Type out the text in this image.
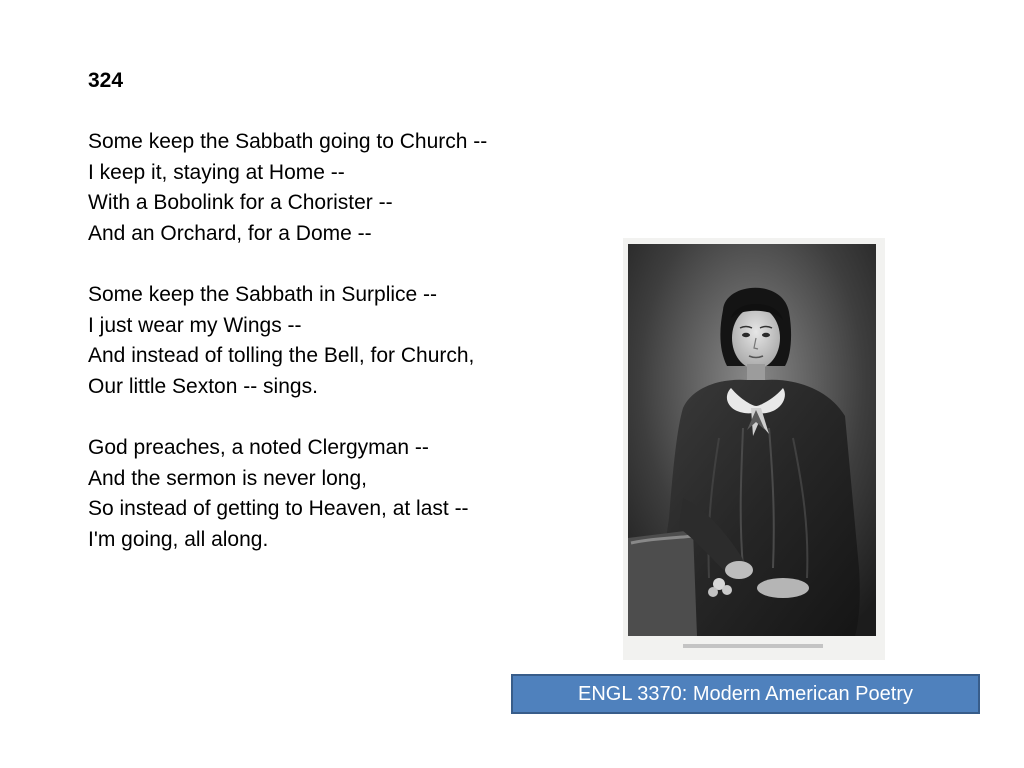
324

Some keep the Sabbath going to Church --
I keep it, staying at Home --
With a Bobolink for a Chorister --
And an Orchard, for a Dome --

Some keep the Sabbath in Surplice --
I just wear my Wings --
And instead of tolling the Bell, for Church,
Our little Sexton -- sings.

God preaches, a noted Clergyman --
And the sermon is never long,
So instead of getting to Heaven, at last --
I'm going, all along.

ENGL 3370: Modern American Poetry
